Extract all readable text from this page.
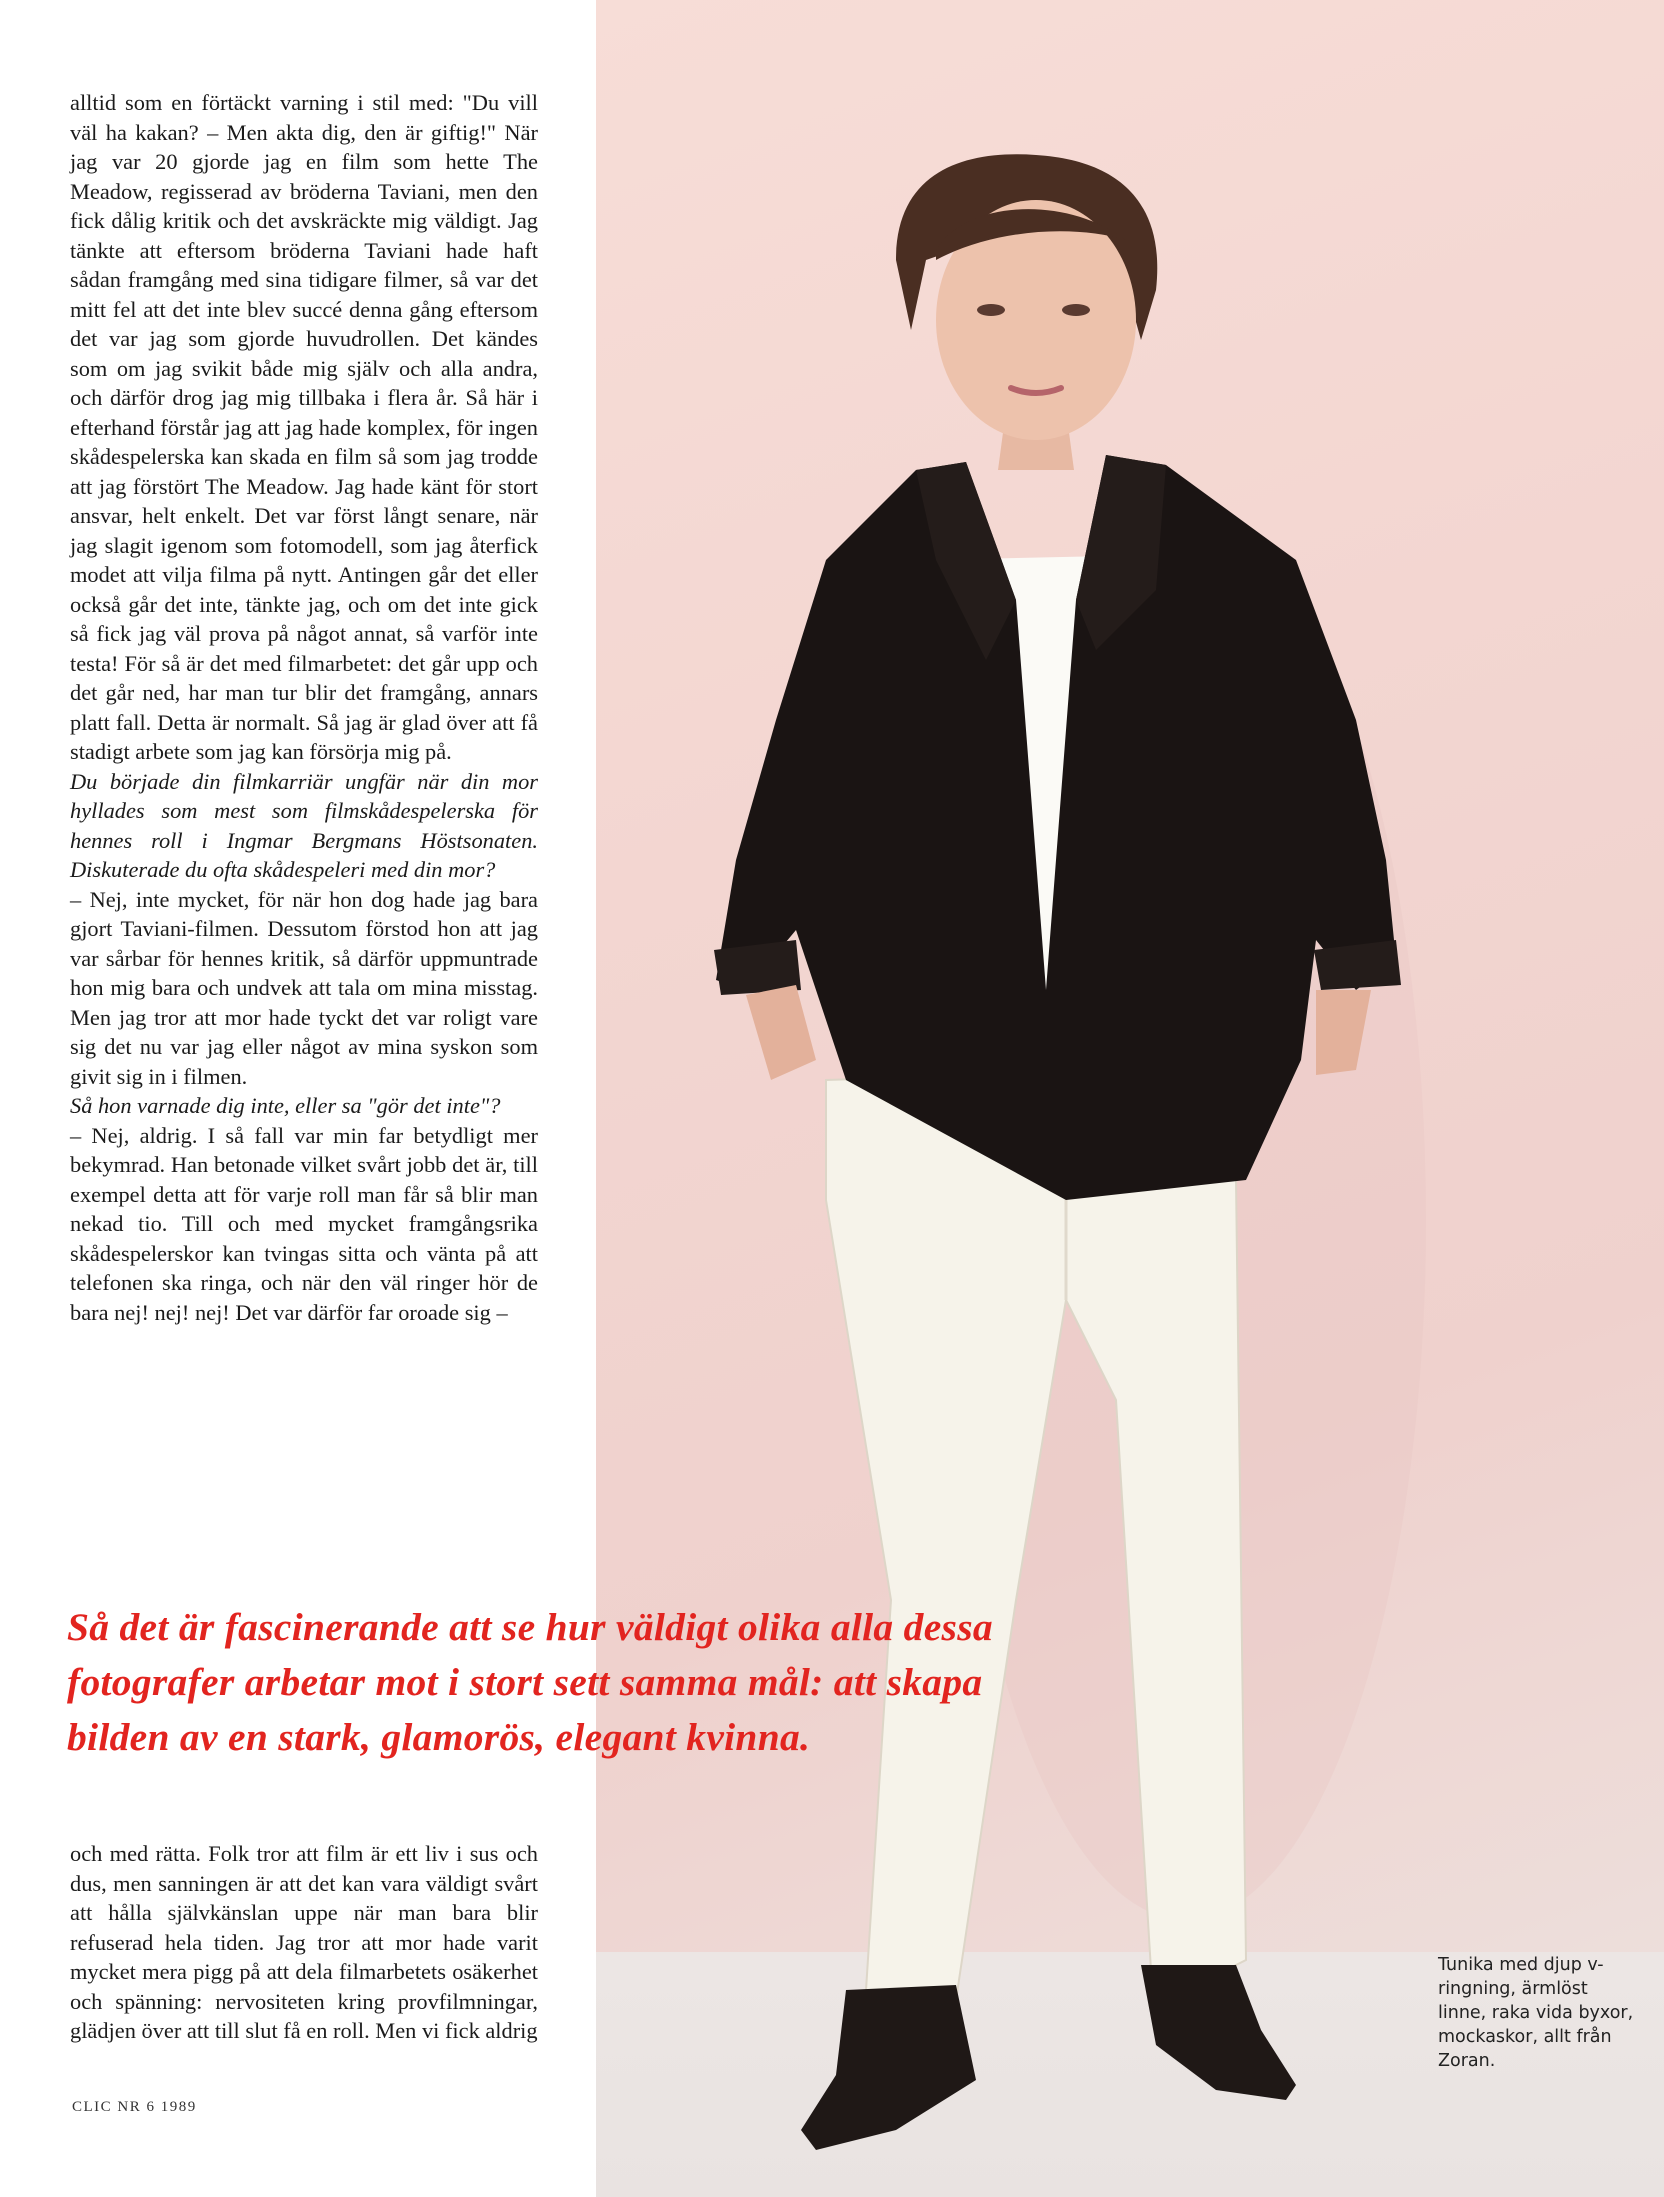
alltid som en förtäckt varning i stil med: "Du vill väl ha kakan? – Men akta dig, den är giftig!" När jag var 20 gjorde jag en film som hette The Meadow, regisserad av bröderna Taviani, men den fick dålig kritik och det avskräckte mig väldigt. Jag tänkte att eftersom bröderna Taviani hade haft sådan framgång med sina tidigare filmer, så var det mitt fel att det inte blev succé denna gång eftersom det var jag som gjorde huvudrollen. Det kändes som om jag svikit både mig själv och alla andra, och därför drog jag mig tillbaka i flera år. Så här i efterhand förstår jag att jag hade komplex, för ingen skådespelerska kan skada en film så som jag trodde att jag förstört The Meadow. Jag hade känt för stort ansvar, helt enkelt. Det var först långt senare, när jag slagit igenom som fotomodell, som jag återfick modet att vilja filma på nytt. Antingen går det eller också går det inte, tänkte jag, och om det inte gick så fick jag väl prova på något annat, så varför inte testa! För så är det med filmarbetet: det går upp och det går ned, har man tur blir det framgång, annars platt fall. Detta är normalt. Så jag är glad över att få stadigt arbete som jag kan försörja mig på.

Du började din filmkarriär ungfär när din mor hyllades som mest som filmskådespelerska för hennes roll i Ingmar Bergmans Höstsonaten. Diskuterade du ofta skådespeleri med din mor?

– Nej, inte mycket, för när hon dog hade jag bara gjort Taviani-filmen. Dessutom förstod hon att jag var sårbar för hennes kritik, så därför uppmuntrade hon mig bara och undvek att tala om mina misstag. Men jag tror att mor hade tyckt det var roligt vare sig det nu var jag eller något av mina syskon som givit sig in i filmen.

Så hon varnade dig inte, eller sa "gör det inte"?

– Nej, aldrig. I så fall var min far betydligt mer bekymrad. Han betonade vilket svårt jobb det är, till exempel detta att för varje roll man får så blir man nekad tio. Till och med mycket framgångsrika skådespelerskor kan tvingas sitta och vänta på att telefonen ska ringa, och när den väl ringer hör de bara nej! nej! nej! Det var därför far oroade sig –

Så det är fascinerande att se hur väldigt olika alla dessa
fotografer arbetar mot i stort sett samma mål: att skapa
bilden av en stark, glamorös, elegant kvinna.

och med rätta. Folk tror att film är ett liv i sus och dus, men sanningen är att det kan vara väldigt svårt att hålla självkänslan uppe när man bara blir refuserad hela tiden. Jag tror att mor hade varit mycket mera pigg på att dela filmarbetets osäkerhet och spänning: nervositeten kring provfilmningar, glädjen över att till slut få en roll. Men vi fick aldrig

Tunika med djup v-ringning, ärmlöst linne, raka vida byxor, mockaskor, allt från Zoran.

CLIC NR 6 1989
